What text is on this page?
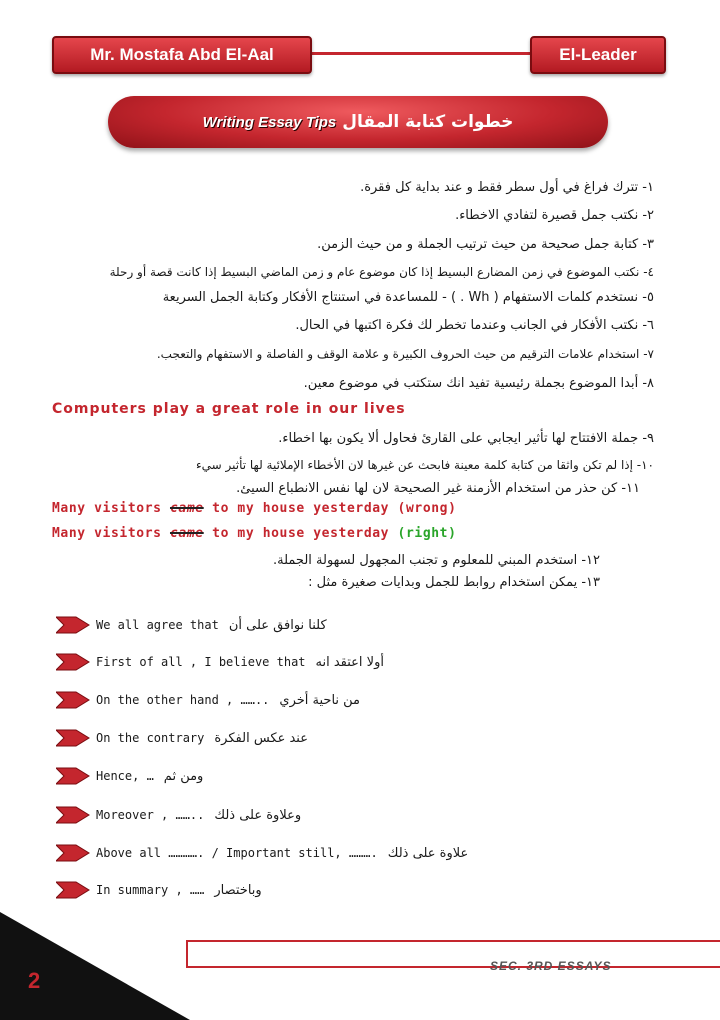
Mr. Mostafa Abd El-Aal	El-Leader
خطوات كتابة المقال
Writing Essay Tips
١- تترك فراغ في أول سطر فقط و عند بداية كل فقرة.
٢- نكتب جمل قصيرة لتفادي الاخطاء.
٣- كتابة جمل صحيحة من حيث ترتيب الجملة و من حيث الزمن.
٤- نكتب الموضوع في زمن المضارع البسيط إذا كان موضوع عام و زمن الماضي البسيط إذا كانت قصة أو رحلة
٥- نستخدم كلمات الاستفهام ( Wh . ) - للمساعدة في استنتاج الأفكار وكتابة الجمل السريعة
٦- نكتب الأفكار في الجانب وعندما تخطر لك فكرة اكتبها في الحال.
٧- استخدام علامات الترقيم من حيث الحروف الكبيرة و علامة الوقف و الفاصلة و الاستفهام والتعجب.
٨- أبدا الموضوع بجملة رئيسية تفيد انك ستكتب في موضوع معين.
Computers play a great role in our lives
٩- جملة الافتتاح لها تأثير ايجابي على القارئ فحاول ألا يكون بها اخطاء.
١٠- إذا لم تكن واثقا من كتابة كلمة معينة فابحث عن غيرها لان الأخطاء الإملائية لها تأثير سيء
١١- كن حذر من استخدام الأزمنة غير الصحيحة لان لها نفس الانطباع السيئ.
Many visitors came to my house yesterday (wrong)
Many visitors came to my house yesterday (right)
١٢- استخدم المبني للمعلوم و تجنب المجهول لسهولة الجملة.
١٣- يمكن استخدام روابط للجمل وبدايات صغيرة مثل :
We all agree that كلنا نوافق على أن
First of all , I believe that أولا اعتقد انه
On the other hand , …….. من ناحية أخري
On the contrary عند عكس الفكرة
Hence, … ومن ثم
Moreover , …….. وعلاوة على ذلك
Above all …………. / Important still, ………. علاوة على ذلك
In summary , …… وباختصار
2
SEC. 3RD ESSAYS
